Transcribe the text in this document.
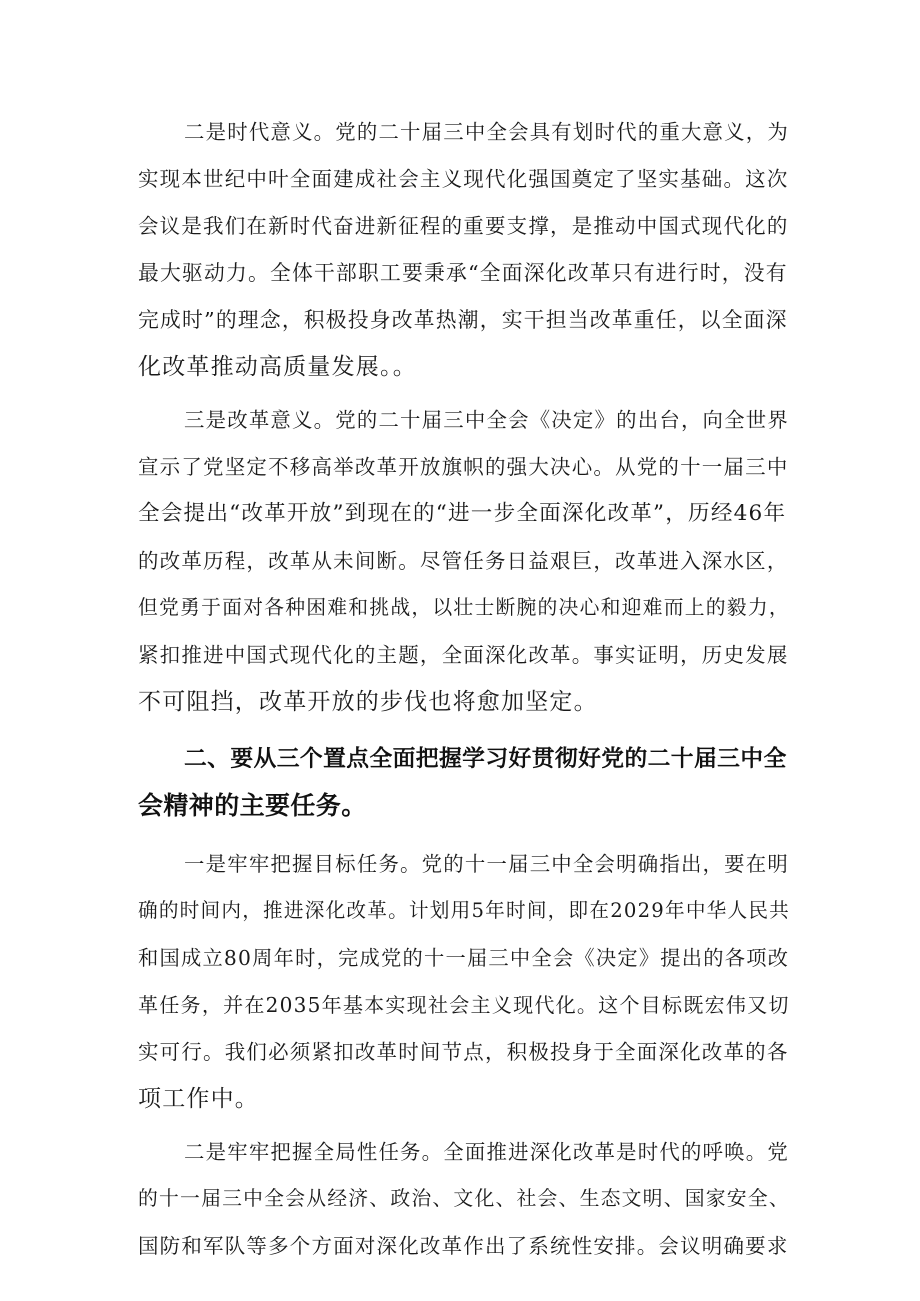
二是时代意义。党的二十届三中全会具有划时代的重大意义，为
实现本世纪中叶全面建成社会主义现代化强国奠定了坚实基础。这次
会议是我们在新时代奋进新征程的重要支撑，是推动中国式现代化的
最大驱动力。全体干部职工要秉承“全面深化改革只有进行时，没有
完成时”的理念，积极投身改革热潮，实干担当改革重任，以全面深
化改革推动高质量发展。。
三是改革意义。党的二十届三中全会《决定》的出台，向全世界
宣示了党坚定不移高举改革开放旗帜的强大决心。从党的十一届三中
全会提出“改革开放”到现在的“进一步全面深化改革”，历经46年
的改革历程，改革从未间断。尽管任务日益艰巨，改革进入深水区，
但党勇于面对各种困难和挑战，以壮士断腕的决心和迎难而上的毅力，
紧扣推进中国式现代化的主题，全面深化改革。事实证明，历史发展
不可阻挡，改革开放的步伐也将愈加坚定。
二、要从三个置点全面把握学习好贯彻好党的二十届三中全
会精神的主要任务。
一是牢牢把握目标任务。党的十一届三中全会明确指出，要在明
确的时间内，推进深化改革。计划用5年时间，即在2029年中华人民共
和国成立80周年时，完成党的十一届三中全会《决定》提出的各项改
革任务，并在2035年基本实现社会主义现代化。这个目标既宏伟又切
实可行。我们必须紧扣改革时间节点，积极投身于全面深化改革的各
项工作中。
二是牢牢把握全局性任务。全面推进深化改革是时代的呼唤。党
的十一届三中全会从经济、政治、文化、社会、生态文明、国家安全、
国防和军队等多个方面对深化改革作出了系统性安排。会议明确要求
